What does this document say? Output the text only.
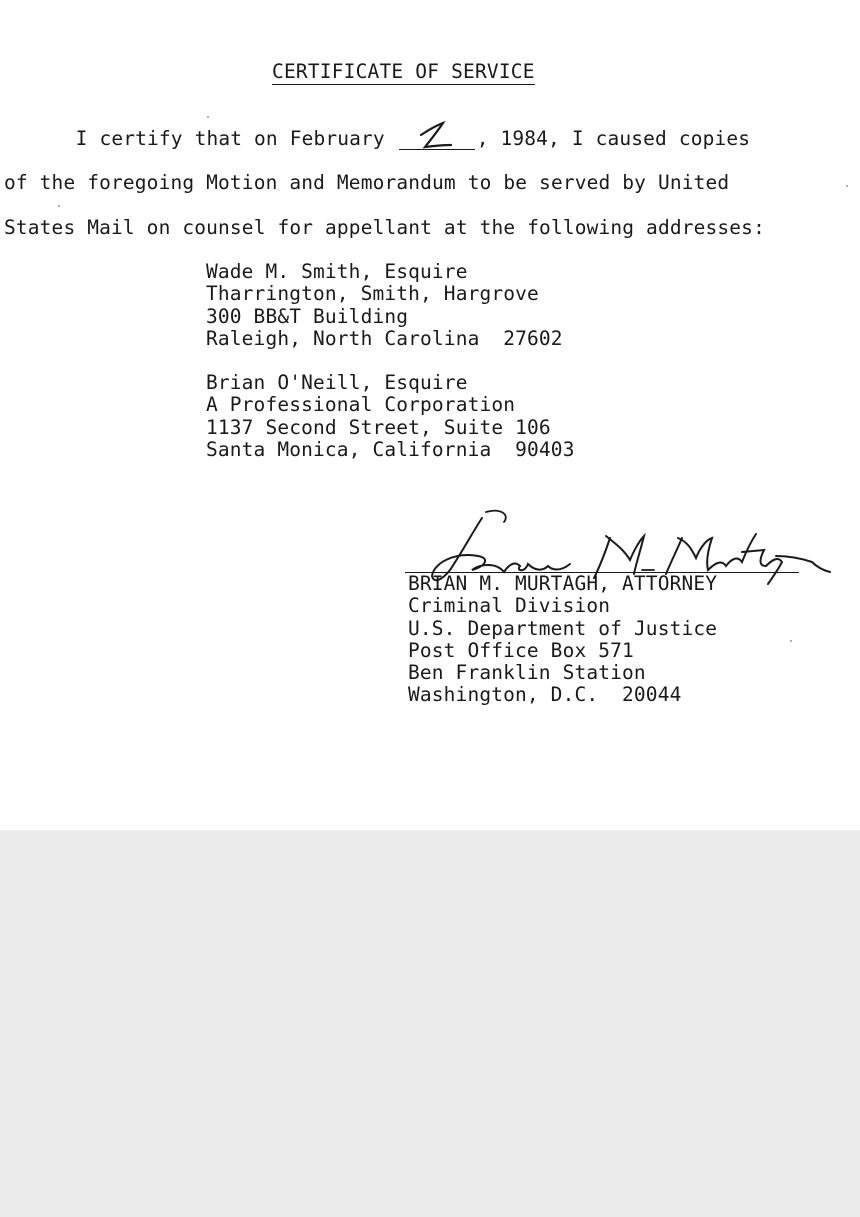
CERTIFICATE OF SERVICE
I certify that on February	, 1984, I caused copies
of the foregoing Motion and Memorandum to be served by United
States Mail on counsel for appellant at the following addresses:
Wade M. Smith, Esquire
Tharrington, Smith, Hargrove
300 BB&T Building
Raleigh, North Carolina  27602
Brian O'Neill, Esquire
A Professional Corporation
1137 Second Street, Suite 106
Santa Monica, California  90403
BRIAN M. MURTAGH, ATTORNEY
Criminal Division
U.S. Department of Justice
Post Office Box 571
Ben Franklin Station
Washington, D.C.  20044
